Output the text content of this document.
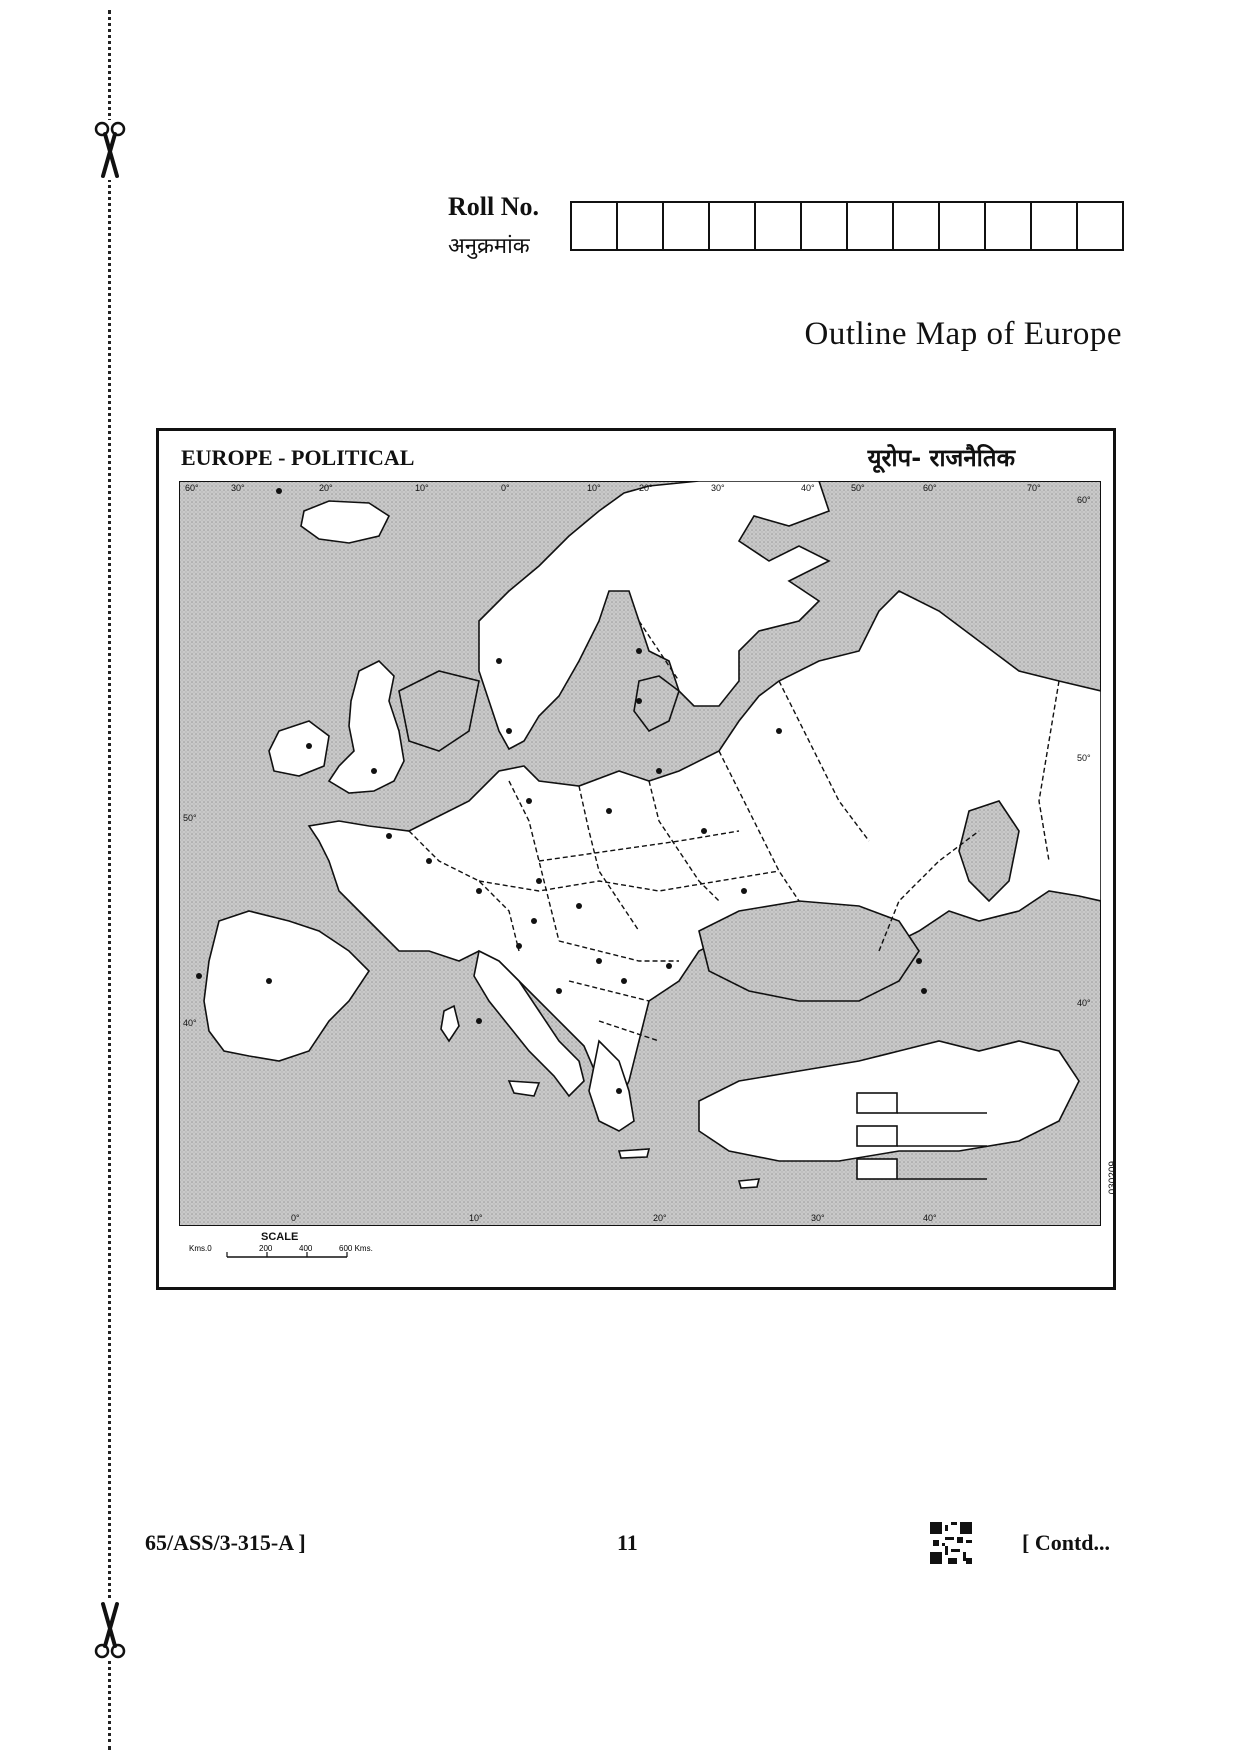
Roll No.
अनुक्रमांक
Outline Map of Europe
EUROPE - POLITICAL	यूरोप- राजनैतिक
60°	30°	20°	10°	0°	10°	20°	30°	40°	50°	60°	70°
0°	10°	20°	30°	40°
50°
40°
60°
50°
40°
SCALE
Kms.0	200	400	600 Kms.
030209
65/ASS/3-315-A ]	11	[ Contd...
